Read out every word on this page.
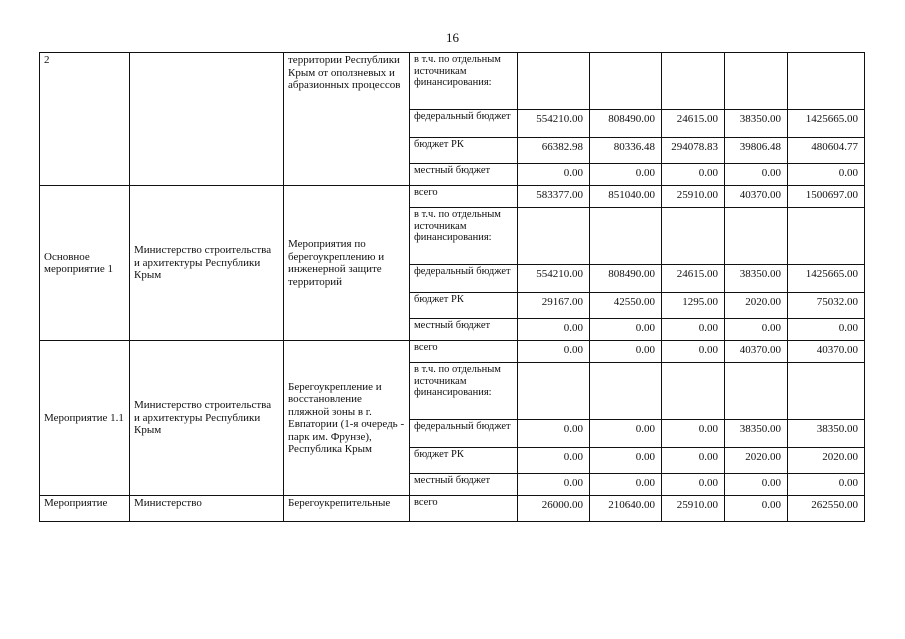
16
2		территории Республики Крым от оползневых и абразионных процессов	в т.ч. по отдельным источникам финансирования:					
			федеральный бюджет	554210.00	808490.00	24615.00	38350.00	1425665.00
			бюджет РК	66382.98	80336.48	294078.83	39806.48	480604.77
			местный бюджет	0.00	0.00	0.00	0.00	0.00
Основное мероприятие 1	Министерство строительства и архитектуры Республики Крым	Мероприятия по берегоукреплению и инженерной защите территорий	всего	583377.00	851040.00	25910.00	40370.00	1500697.00
			в т.ч. по отдельным источникам финансирования:					
			федеральный бюджет	554210.00	808490.00	24615.00	38350.00	1425665.00
			бюджет РК	29167.00	42550.00	1295.00	2020.00	75032.00
			местный бюджет	0.00	0.00	0.00	0.00	0.00
Мероприятие 1.1	Министерство строительства и архитектуры Республики Крым	Берегоукрепление и восстановление пляжной зоны в г. Евпатории (1-я очередь - парк им. Фрунзе), Республика Крым	всего	0.00	0.00	0.00	40370.00	40370.00
			в т.ч. по отдельным источникам финансирования:					
			федеральный бюджет	0.00	0.00	0.00	38350.00	38350.00
			бюджет РК	0.00	0.00	0.00	2020.00	2020.00
			местный бюджет	0.00	0.00	0.00	0.00	0.00
Мероприятие	Министерство	Берегоукрепительные	всего	26000.00	210640.00	25910.00	0.00	262550.00
